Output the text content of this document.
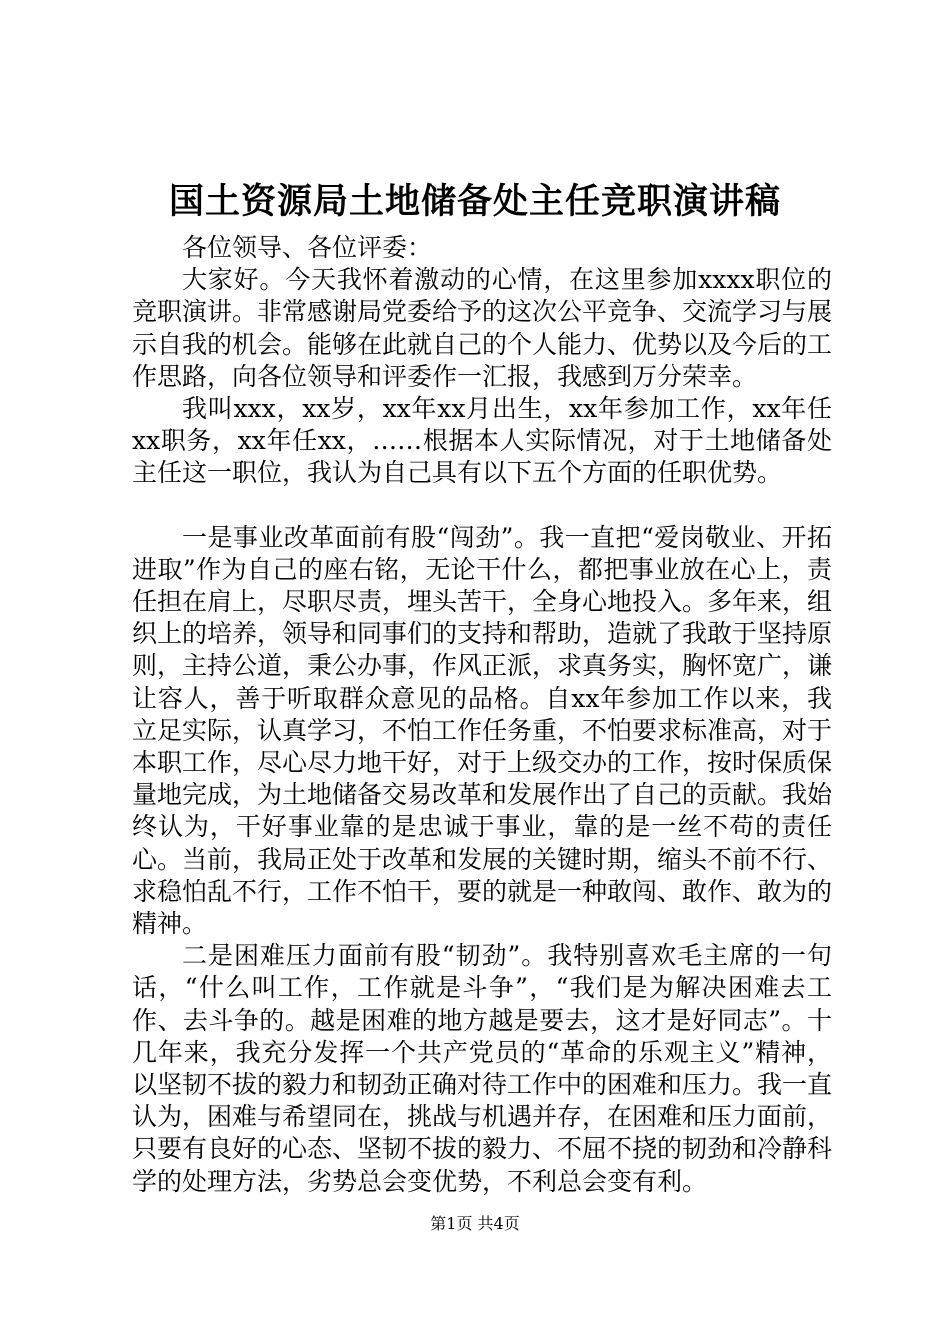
国土资源局土地储备处主任竞职演讲稿

各位领导、各位评委：

大家好。今天我怀着激动的心情，在这里参加xxxx职位的竞职演讲。非常感谢局党委给予的这次公平竞争、交流学习与展示自我的机会。能够在此就自己的个人能力、优势以及今后的工作思路，向各位领导和评委作一汇报，我感到万分荣幸。

我叫xxx，xx岁，xx年xx月出生，xx年参加工作，xx年任xx职务，xx年任xx，……根据本人实际情况，对于土地储备处主任这一职位，我认为自己具有以下五个方面的任职优势。

一是事业改革面前有股“闯劲”。我一直把“爱岗敬业、开拓进取”作为自己的座右铭，无论干什么，都把事业放在心上，责任担在肩上，尽职尽责，埋头苦干，全身心地投入。多年来，组织上的培养，领导和同事们的支持和帮助，造就了我敢于坚持原则，主持公道，秉公办事，作风正派，求真务实，胸怀宽广，谦让容人，善于听取群众意见的品格。自xx年参加工作以来，我立足实际，认真学习，不怕工作任务重，不怕要求标准高，对于本职工作，尽心尽力地干好，对于上级交办的工作，按时保质保量地完成，为土地储备交易改革和发展作出了自己的贡献。我始终认为，干好事业靠的是忠诚于事业，靠的是一丝不苟的责任心。当前，我局正处于改革和发展的关键时期，缩头不前不行、求稳怕乱不行，工作不怕干，要的就是一种敢闯、敢作、敢为的精神。

二是困难压力面前有股“韧劲”。我特别喜欢毛主席的一句话，“什么叫工作，工作就是斗争”，“我们是为解决困难去工作、去斗争的。越是困难的地方越是要去，这才是好同志”。十几年来，我充分发挥一个共产党员的“革命的乐观主义”精神，以坚韧不拔的毅力和韧劲正确对待工作中的困难和压力。我一直认为，困难与希望同在，挑战与机遇并存，在困难和压力面前，只要有良好的心态、坚韧不拔的毅力、不屈不挠的韧劲和冷静科学的处理方法，劣势总会变优势，不利总会变有利。

第1页 共4页
